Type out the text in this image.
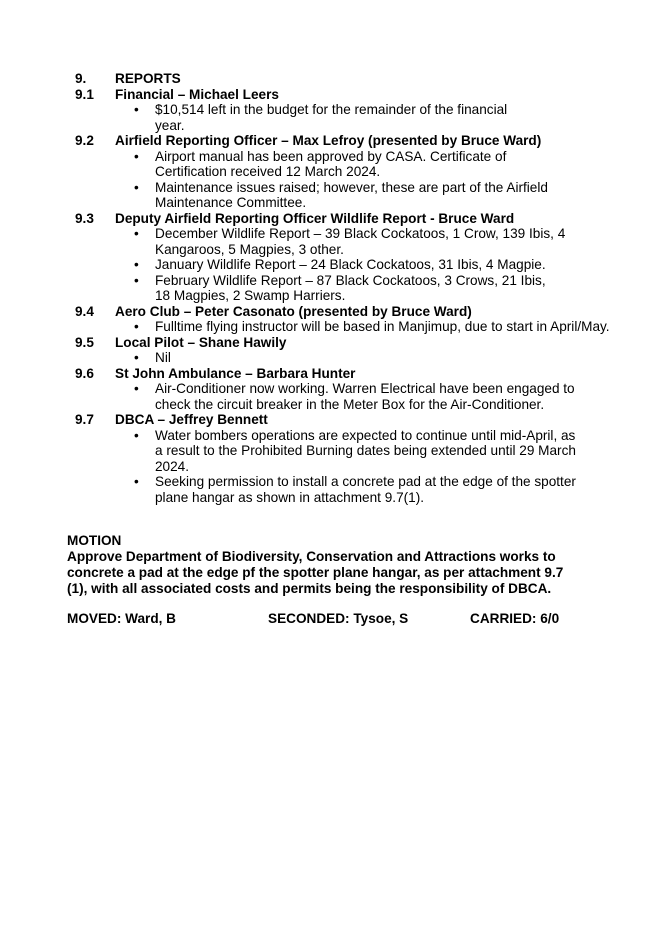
9. REPORTS
9.1 Financial – Michael Leers
• $10,514 left in the budget for the remainder of the financial
year.
9.2 Airfield Reporting Officer – Max Lefroy (presented by Bruce Ward)
• Airport manual has been approved by CASA. Certificate of
Certification received 12 March 2024.
• Maintenance issues raised; however, these are part of the Airfield
Maintenance Committee.
9.3 Deputy Airfield Reporting Officer Wildlife Report - Bruce Ward
• December Wildlife Report – 39 Black Cockatoos, 1 Crow, 139 Ibis, 4
Kangaroos, 5 Magpies, 3 other.
• January Wildlife Report – 24 Black Cockatoos, 31 Ibis, 4 Magpie.
• February Wildlife Report – 87 Black Cockatoos, 3 Crows, 21 Ibis,
18 Magpies, 2 Swamp Harriers.
9.4 Aero Club – Peter Casonato (presented by Bruce Ward)
• Fulltime flying instructor will be based in Manjimup, due to start in April/May.
9.5 Local Pilot – Shane Hawily
• Nil
9.6 St John Ambulance – Barbara Hunter
• Air-Conditioner now working. Warren Electrical have been engaged to
check the circuit breaker in the Meter Box for the Air-Conditioner.
9.7 DBCA – Jeffrey Bennett
• Water bombers operations are expected to continue until mid-April, as
a result to the Prohibited Burning dates being extended until 29 March
2024.
• Seeking permission to install a concrete pad at the edge of the spotter
plane hangar as shown in attachment 9.7(1).
MOTION
Approve Department of Biodiversity, Conservation and Attractions works to
concrete a pad at the edge pf the spotter plane hangar, as per attachment 9.7
(1), with all associated costs and permits being the responsibility of DBCA.
MOVED: Ward, B	SECONDED: Tysoe, S	CARRIED: 6/0
